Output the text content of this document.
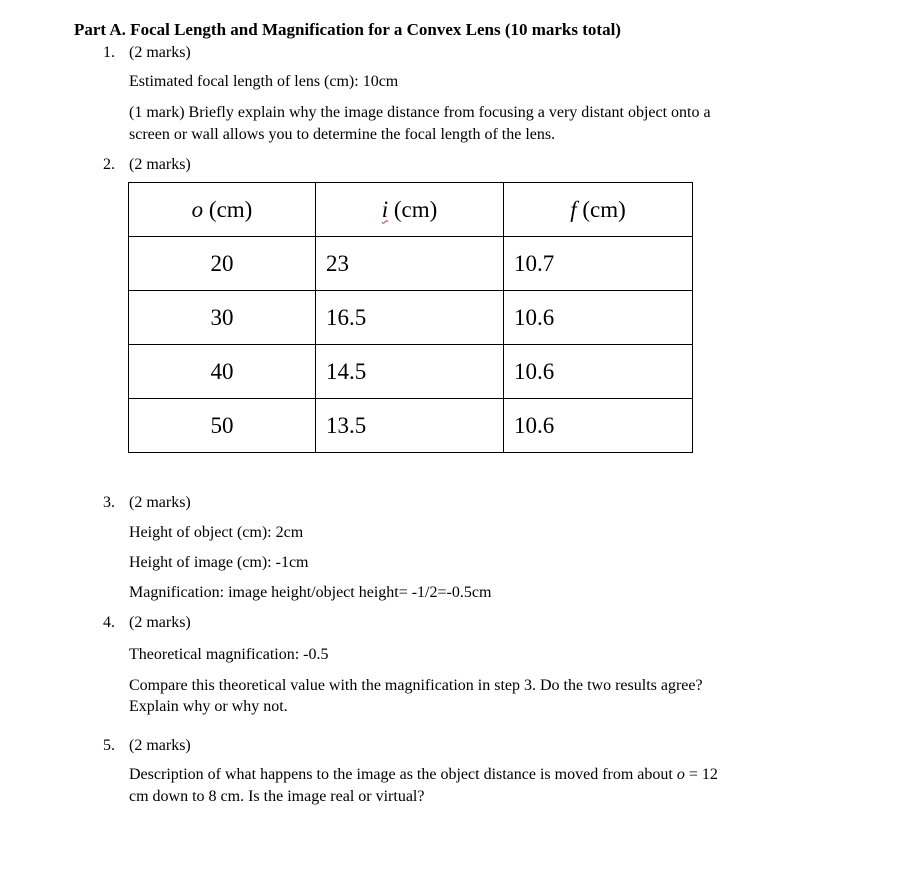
Part A. Focal Length and Magnification for a Convex Lens (10 marks total)
1. (2 marks)
Estimated focal length of lens (cm): 10cm
(1 mark) Briefly explain why the image distance from focusing a very distant object onto a
screen or wall allows you to determine the focal length of the lens.
2. (2 marks)
o (cm)	i (cm)	f (cm)
20	23	10.7
30	16.5	10.6
40	14.5	10.6
50	13.5	10.6
3. (2 marks)
Height of object (cm): 2cm
Height of image (cm): -1cm
Magnification: image height/object height= -1/2=-0.5cm
4. (2 marks)
Theoretical magnification: -0.5
Compare this theoretical value with the magnification in step 3. Do the two results agree?
Explain why or why not.
5. (2 marks)
Description of what happens to the image as the object distance is moved from about o = 12
cm down to 8 cm. Is the image real or virtual?
